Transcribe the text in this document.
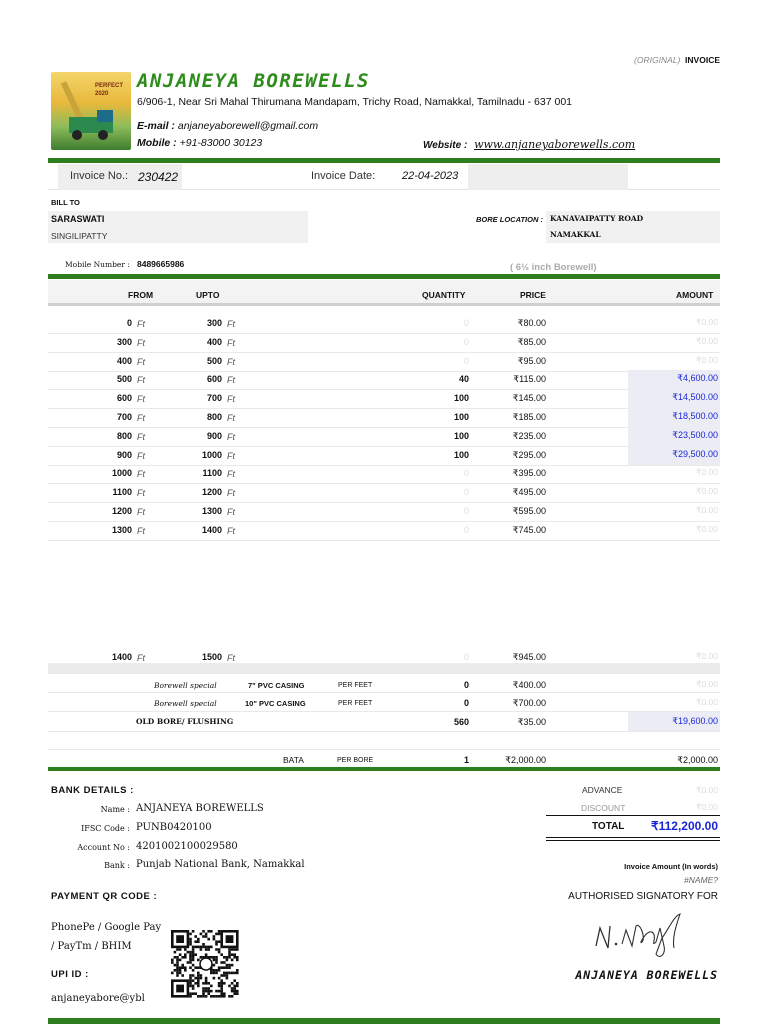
(ORIGINAL) INVOICE
PERFECT 2020
ANJANEYA BOREWELLS
6/906-1, Near Sri Mahal Thirumana Mandapam, Trichy Road, Namakkal, Tamilnadu - 637 001
E-mail : anjaneyaborewell@gmail.com
Mobile : +91-83000 30123	Website : www.anjaneyaborewells.com
Invoice No.: 230422	Invoice Date: 22-04-2023
BILL TO
SARASWATI
SINGILIPATTY
BORE LOCATION : KANAVAIPATTY ROAD
NAMAKKAL
Mobile Number : 8489665986	( 6½ inch Borewell)
FROM	UPTO	QUANTITY	PRICE	AMOUNT
0 Ft	300 Ft	0	₹80.00	₹0.00
300 Ft	400 Ft	0	₹85.00	₹0.00
400 Ft	500 Ft	0	₹95.00	₹0.00
500 Ft	600 Ft	40	₹115.00	₹4,600.00
600 Ft	700 Ft	100	₹145.00	₹14,500.00
700 Ft	800 Ft	100	₹185.00	₹18,500.00
800 Ft	900 Ft	100	₹235.00	₹23,500.00
900 Ft	1000 Ft	100	₹295.00	₹29,500.00
1000 Ft	1100 Ft	0	₹395.00	₹0.00
1100 Ft	1200 Ft	0	₹495.00	₹0.00
1200 Ft	1300 Ft	0	₹595.00	₹0.00
1300 Ft	1400 Ft	0	₹745.00	₹0.00
1400 Ft	1500 Ft	0	₹945.00	₹0.00
Borewell special	7" PVC CASING	PER FEET	0	₹400.00	₹0.00
Borewell special	10" PVC CASING	PER FEET	0	₹700.00	₹0.00
OLD BORE/ FLUSHING	560	₹35.00	₹19,600.00
BATA	PER BORE	1	₹2,000.00	₹2,000.00
BANK DETAILS :
Name : ANJANEYA BOREWELLS
IFSC Code : PUNB0420100
Account No : 4201002100029580
Bank : Punjab National Bank, Namakkal
ADVANCE	₹0.00
DISCOUNT	₹0.00
TOTAL	₹112,200.00
Invoice Amount (In words)
#NAME?
PAYMENT QR CODE :
PhonePe / Google Pay
/ PayTm / BHIM
UPI ID :
anjaneyabore@ybl
AUTHORISED SIGNATORY FOR
ANJANEYA BOREWELLS
